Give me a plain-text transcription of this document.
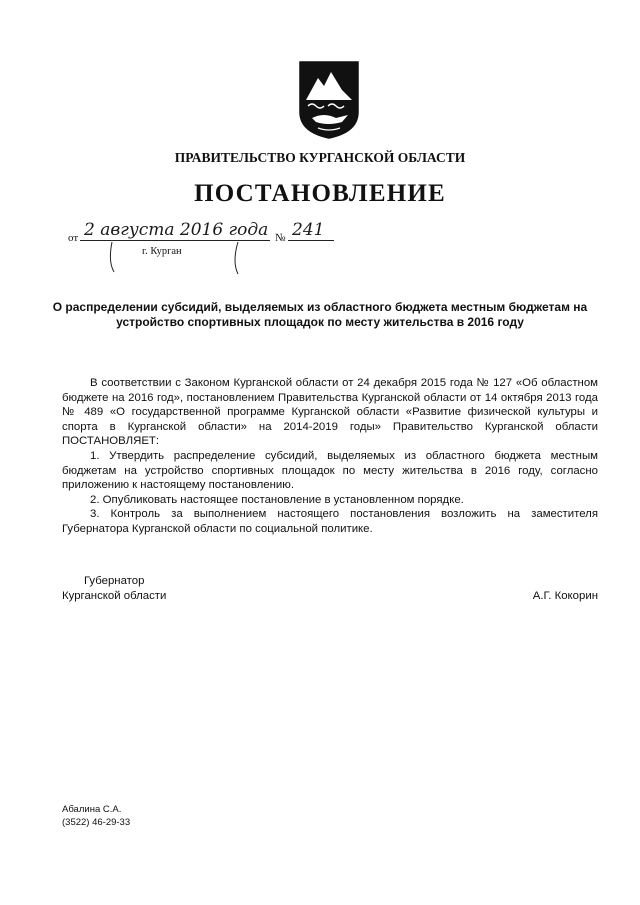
ПРАВИТЕЛЬСТВО КУРГАНСКОЙ ОБЛАСТИ
ПОСТАНОВЛЕНИЕ
от 2 августа 2016 года № 241
г. Курган
О распределении субсидий, выделяемых из областного бюджета местным бюджетам на устройство спортивных площадок по месту жительства в 2016 году

В соответствии с Законом Курганской области от 24 декабря 2015 года № 127 «Об областном бюджете на 2016 год», постановлением Правительства Курганской области от 14 октября 2013 года № 489 «О государственной программе Курганской области «Развитие физической культуры и спорта в Курганской области» на 2014-2019 годы» Правительство Курганской области ПОСТАНОВЛЯЕТ:

1. Утвердить распределение субсидий, выделяемых из областного бюджета местным бюджетам на устройство спортивных площадок по месту жительства в 2016 году, согласно приложению к настоящему постановлению.

2. Опубликовать настоящее постановление в установленном порядке.

3. Контроль за выполнением настоящего постановления возложить на заместителя Губернатора Курганской области по социальной политике.

Губернатор
Курганской области	А.Г. Кокорин
Абалина С.А.
(3522) 46-29-33
